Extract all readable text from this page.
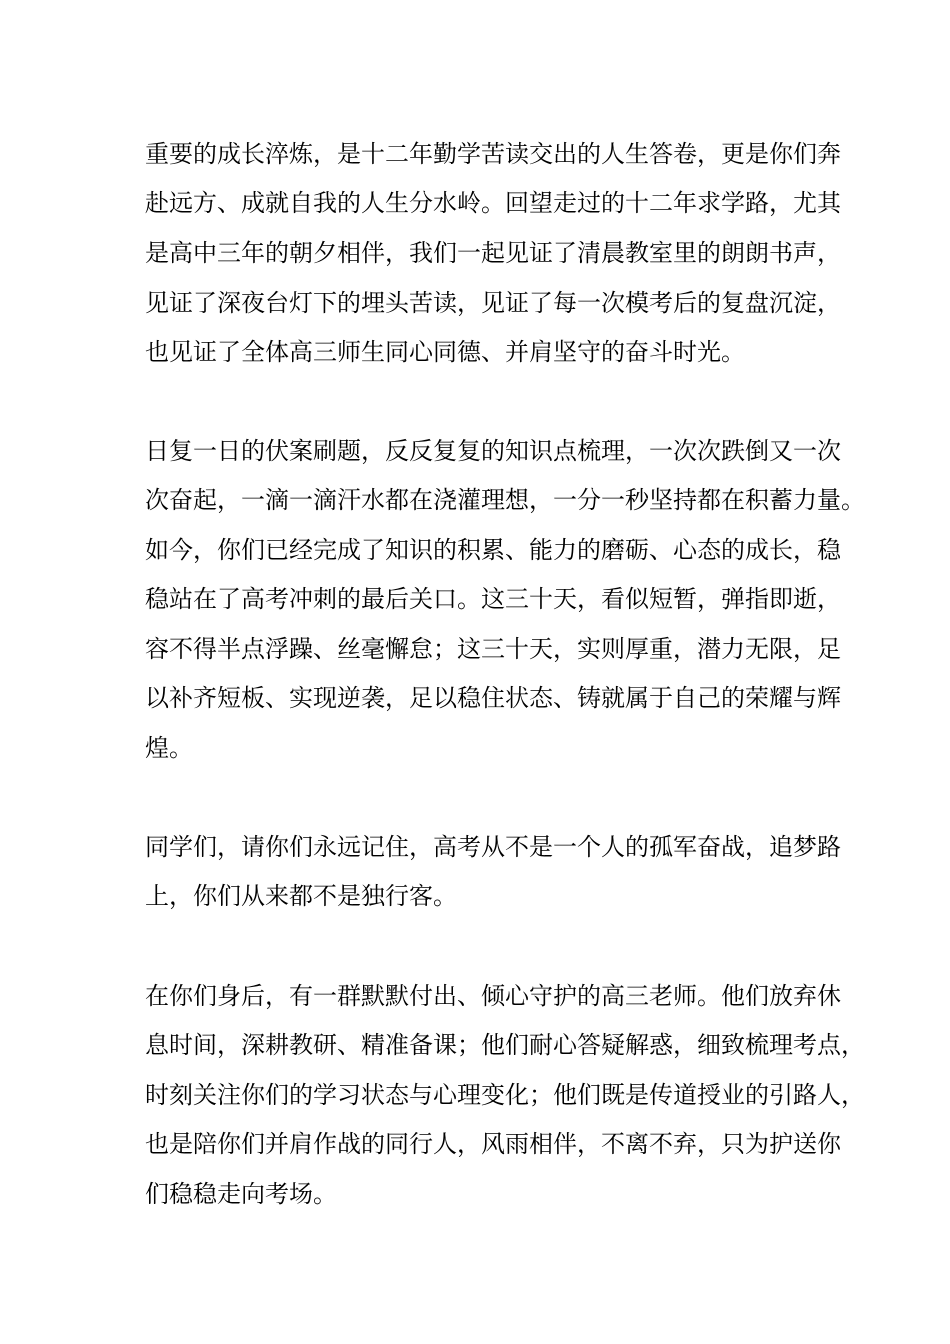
重要的成长淬炼，是十二年勤学苦读交出的人生答卷，更是你们奔
赴远方、成就自我的人生分水岭。回望走过的十二年求学路，尤其
是高中三年的朝夕相伴，我们一起见证了清晨教室里的朗朗书声，
见证了深夜台灯下的埋头苦读，见证了每一次模考后的复盘沉淀，
也见证了全体高三师生同心同德、并肩坚守的奋斗时光。
日复一日的伏案刷题，反反复复的知识点梳理，一次次跌倒又一次
次奋起，一滴一滴汗水都在浇灌理想，一分一秒坚持都在积蓄力量。
如今，你们已经完成了知识的积累、能力的磨砺、心态的成长，稳
稳站在了高考冲刺的最后关口。这三十天，看似短暂，弹指即逝，
容不得半点浮躁、丝毫懈怠；这三十天，实则厚重，潜力无限，足
以补齐短板、实现逆袭，足以稳住状态、铸就属于自己的荣耀与辉
煌。
同学们，请你们永远记住，高考从不是一个人的孤军奋战，追梦路
上，你们从来都不是独行客。
在你们身后，有一群默默付出、倾心守护的高三老师。他们放弃休
息时间，深耕教研、精准备课；他们耐心答疑解惑，细致梳理考点，
时刻关注你们的学习状态与心理变化；他们既是传道授业的引路人，
也是陪你们并肩作战的同行人，风雨相伴，不离不弃，只为护送你
们稳稳走向考场。
